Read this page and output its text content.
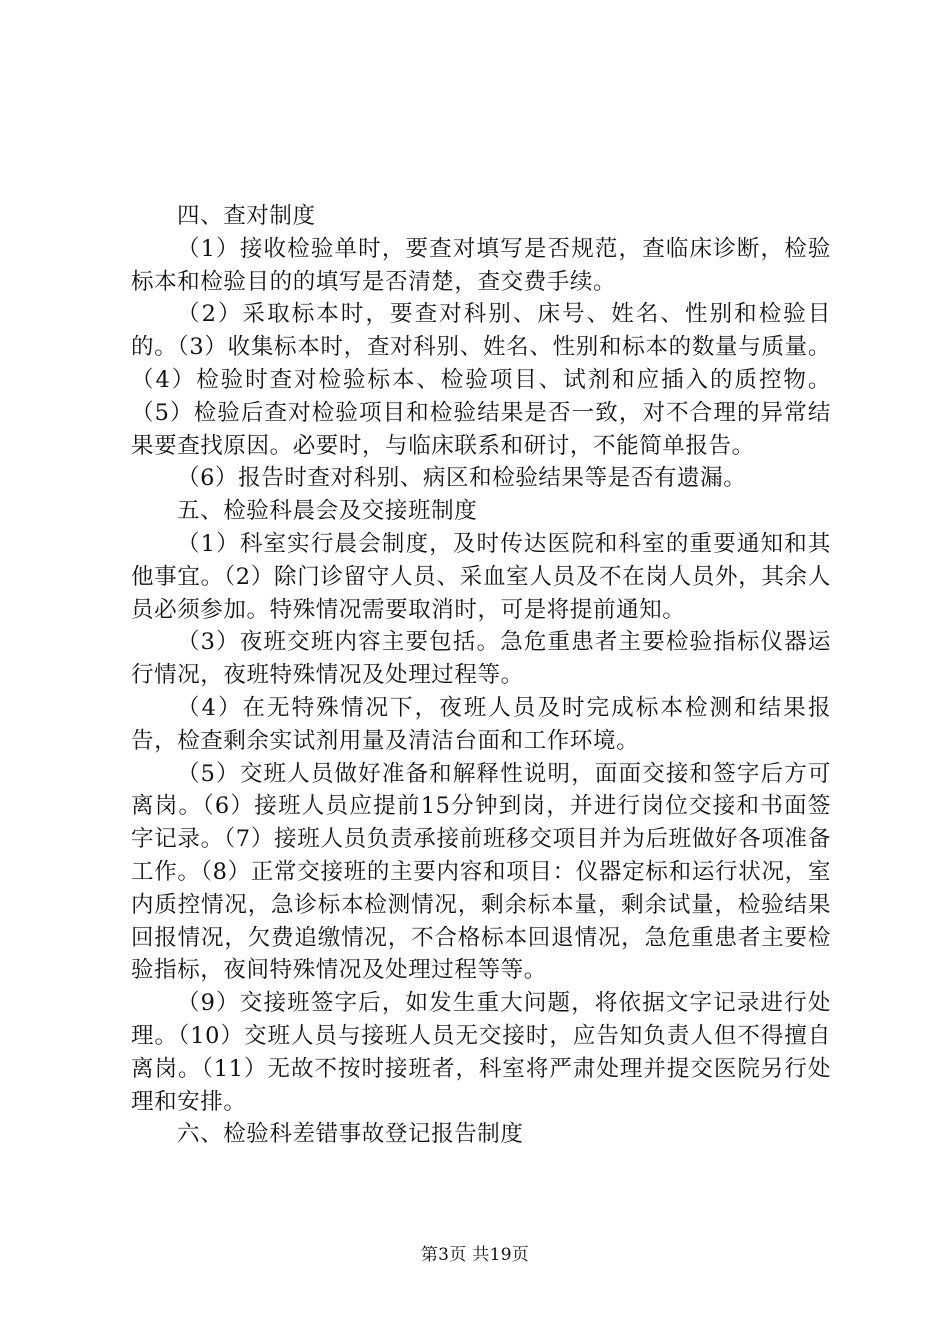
四、查对制度

（1）接收检验单时，要查对填写是否规范，查临床诊断，检验标本和检验目的的填写是否清楚，查交费手续。

（2）采取标本时，要查对科别、床号、姓名、性别和检验目的。（3）收集标本时，查对科别、姓名、性别和标本的数量与质量。（4）检验时查对检验标本、检验项目、试剂和应插入的质控物。（5）检验后查对检验项目和检验结果是否一致，对不合理的异常结果要查找原因。必要时，与临床联系和研讨，不能简单报告。

（6）报告时查对科别、病区和检验结果等是否有遗漏。

五、检验科晨会及交接班制度

（1）科室实行晨会制度，及时传达医院和科室的重要通知和其他事宜。（2）除门诊留守人员、采血室人员及不在岗人员外，其余人员必须参加。特殊情况需要取消时，可是将提前通知。

（3）夜班交班内容主要包括。急危重患者主要检验指标仪器运行情况，夜班特殊情况及处理过程等。

（4）在无特殊情况下，夜班人员及时完成标本检测和结果报告，检查剩余实试剂用量及清洁台面和工作环境。

（5）交班人员做好准备和解释性说明，面面交接和签字后方可离岗。（6）接班人员应提前15分钟到岗，并进行岗位交接和书面签字记录。（7）接班人员负责承接前班移交项目并为后班做好各项准备工作。（8）正常交接班的主要内容和项目：仪器定标和运行状况，室内质控情况，急诊标本检测情况，剩余标本量，剩余试量，检验结果回报情况，欠费追缴情况，不合格标本回退情况，急危重患者主要检验指标，夜间特殊情况及处理过程等等。

（9）交接班签字后，如发生重大问题，将依据文字记录进行处理。（10）交班人员与接班人员无交接时，应告知负责人但不得擅自离岗。（11）无故不按时接班者，科室将严肃处理并提交医院另行处理和安排。

六、检验科差错事故登记报告制度

第3页 共19页
